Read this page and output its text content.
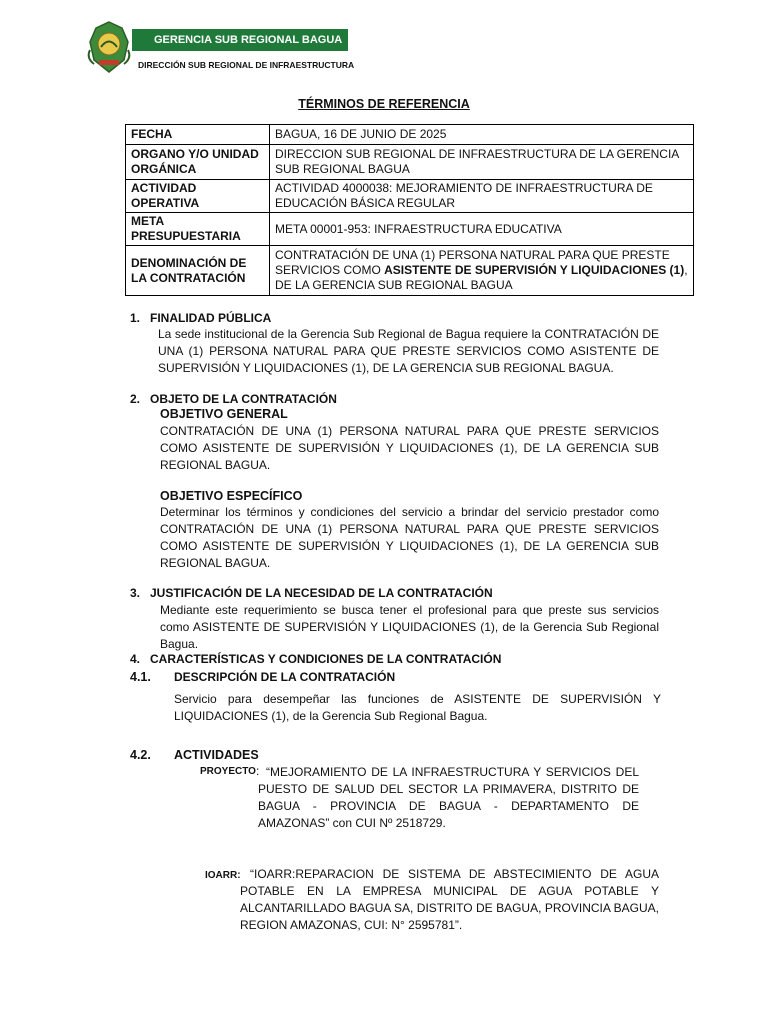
GERENCIA SUB REGIONAL BAGUA
DIRECCIÓN SUB REGIONAL DE INFRAESTRUCTURA
TÉRMINOS DE REFERENCIA
FECHA	BAGUA, 16 DE JUNIO DE 2025
ORGANO Y/O UNIDAD ORGÁNICA	DIRECCION SUB REGIONAL DE INFRAESTRUCTURA DE LA GERENCIA SUB REGIONAL BAGUA
ACTIVIDAD OPERATIVA	ACTIVIDAD 4000038: MEJORAMIENTO DE INFRAESTRUCTURA DE EDUCACIÓN BÁSICA REGULAR
META PRESUPUESTARIA	META 00001-953: INFRAESTRUCTURA EDUCATIVA
DENOMINACIÓN DE LA CONTRATACIÓN	CONTRATACIÓN DE UNA (1) PERSONA NATURAL PARA QUE PRESTE SERVICIOS COMO ASISTENTE DE SUPERVISIÓN Y LIQUIDACIONES (1), DE LA GERENCIA SUB REGIONAL BAGUA
1.   FINALIDAD PÚBLICA
La sede institucional de la Gerencia Sub Regional de Bagua requiere la CONTRATACIÓN DE UNA (1) PERSONA NATURAL PARA QUE PRESTE SERVICIOS COMO ASISTENTE DE SUPERVISIÓN Y LIQUIDACIONES (1), DE LA GERENCIA SUB REGIONAL BAGUA.
2.   OBJETO DE LA CONTRATACIÓN
OBJETIVO GENERAL
CONTRATACIÓN DE UNA (1) PERSONA NATURAL PARA QUE PRESTE SERVICIOS COMO ASISTENTE DE SUPERVISIÓN Y LIQUIDACIONES (1), DE LA GERENCIA SUB REGIONAL BAGUA.
OBJETIVO ESPECÍFICO
Determinar los términos y condiciones del servicio a brindar del servicio prestador como CONTRATACIÓN DE UNA (1) PERSONA NATURAL PARA QUE PRESTE SERVICIOS COMO ASISTENTE DE SUPERVISIÓN Y LIQUIDACIONES (1), DE LA GERENCIA SUB REGIONAL BAGUA.
3.   JUSTIFICACIÓN DE LA NECESIDAD DE LA CONTRATACIÓN
Mediante este requerimiento se busca tener el profesional para que preste sus servicios como ASISTENTE DE SUPERVISIÓN Y LIQUIDACIONES (1), de la Gerencia Sub Regional Bagua.
4.   CARACTERÍSTICAS Y CONDICIONES DE LA CONTRATACIÓN
4.1. DESCRIPCIÓN DE LA CONTRATACIÓN
Servicio para desempeñar las funciones de ASISTENTE DE SUPERVISIÓN Y LIQUIDACIONES (1), de la Gerencia Sub Regional Bagua.
4.2. ACTIVIDADES
PROYECTO : “MEJORAMIENTO DE LA INFRAESTRUCTURA Y SERVICIOS DEL PUESTO DE SALUD DEL SECTOR LA PRIMAVERA, DISTRITO DE BAGUA - PROVINCIA DE BAGUA - DEPARTAMENTO DE AMAZONAS” con CUI Nº 2518729.
IOARR: “IOARR:REPARACION DE SISTEMA DE ABSTECIMIENTO DE AGUA POTABLE EN LA EMPRESA MUNICIPAL DE AGUA POTABLE Y ALCANTARILLADO BAGUA SA, DISTRITO DE BAGUA, PROVINCIA BAGUA, REGION AMAZONAS, CUI: N° 2595781”.
